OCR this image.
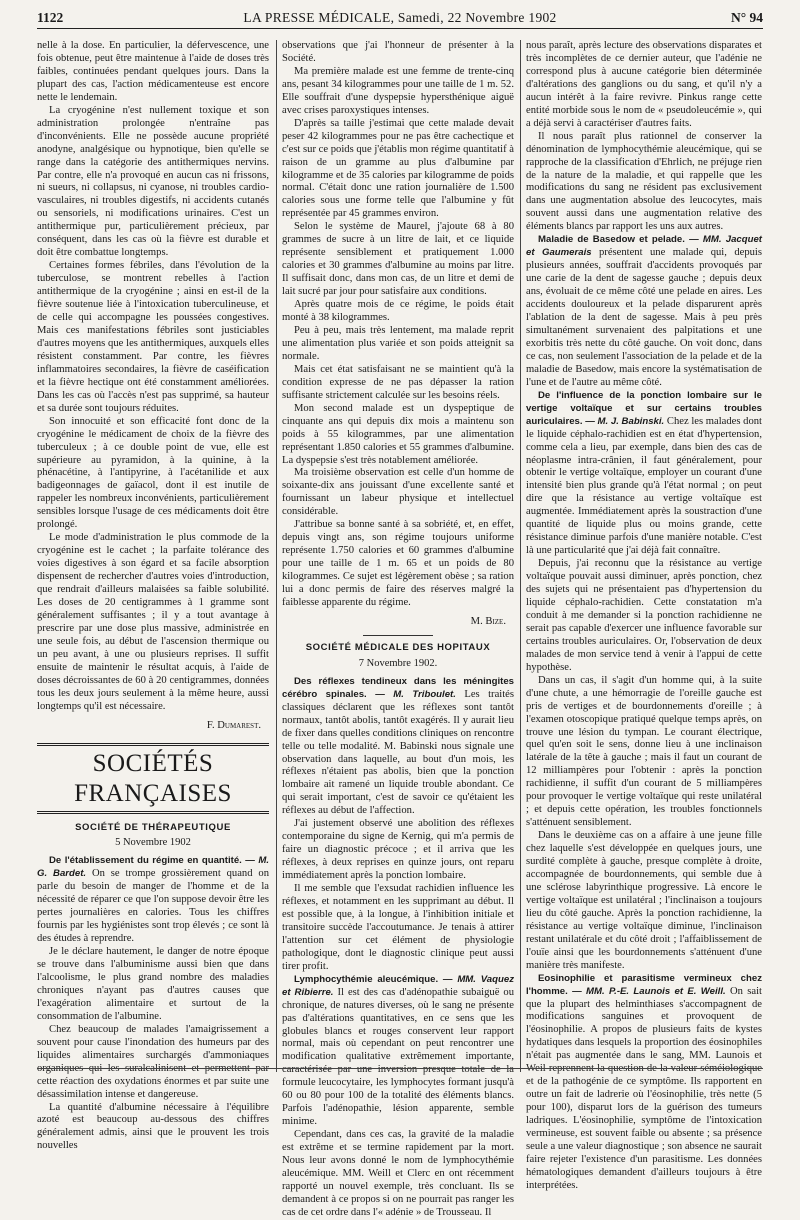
1122	LA PRESSE MÉDICALE, Samedi, 22 Novembre 1902	N° 94

nelle à la dose. En particulier, la défervescence, une fois obtenue, peut être maintenue à l'aide de doses très faibles, continuées pendant quelques jours. Dans la plupart des cas, l'action médicamenteuse est encore nette le lendemain.

La cryogénine n'est nullement toxique et son administration prolongée n'entraîne pas d'inconvénients. Elle ne possède aucune propriété anodyne, analgésique ou hypnotique, bien qu'elle se range dans la catégorie des antithermiques nervins. Par contre, elle n'a provoqué en aucun cas ni frissons, ni sueurs, ni collapsus, ni cyanose, ni troubles cardio-vasculaires, ni troubles digestifs, ni accidents cutanés ou sensoriels, ni modifications urinaires. C'est un antithermique pur, particulièrement précieux, par conséquent, dans les cas où la fièvre est durable et doit être combattue longtemps.

Certaines formes fébriles, dans l'évolution de la tuberculose, se montrent rebelles à l'action antithermique de la cryogénine ; ainsi en est-il de la fièvre soutenue liée à l'intoxication tuberculineuse, et de celle qui accompagne les poussées congestives. Mais ces manifestations fébriles sont justiciables d'autres moyens que les antithermiques, auxquels elles résistent constamment. Par contre, les fièvres inflammatoires secondaires, la fièvre de caséification et la fièvre hectique ont été constamment améliorées. Dans les cas où l'accès n'est pas supprimé, sa hauteur et sa durée sont toujours réduites.

Son innocuité et son efficacité font donc de la cryogénine le médicament de choix de la fièvre des tuberculeux ; à ce double point de vue, elle est supérieure au pyramidon, à la quinine, à la phénacétine, à l'antipyrine, à l'acétanilide et aux badigeonnages de gaïacol, dont il est inutile de rappeler les nombreux inconvénients, particulièrement sensibles lorsque l'usage de ces médicaments doit être prolongé.

Le mode d'administration le plus commode de la cryogénine est le cachet ; la parfaite tolérance des voies digestives à son égard et sa facile absorption dispensent de rechercher d'autres voies d'introduction, que rendrait d'ailleurs malaisées sa faible solubilité. Les doses de 20 centigrammes à 1 gramme sont généralement suffisantes ; il y a tout avantage à prescrire par une dose plus massive, administrée en une seule fois, au début de l'ascension thermique ou un peu avant, à une ou plusieurs reprises. Il suffit ensuite de maintenir le résultat acquis, à l'aide de doses décroissantes de 60 à 20 centigrammes, données tous les deux jours seulement à la même heure, aussi longtemps qu'il est nécessaire.

F. Dumarest.
SOCIÉTÉS FRANÇAISES
SOCIÉTÉ DE THÉRAPEUTIQUE
5 Novembre 1902

De l'établissement du régime en quantité. — M. G. Bardet. On se trompe grossièrement quand on parle du besoin de manger de l'homme et de la nécessité de réparer ce que l'on suppose devoir être les pertes journalières en calories. Tous les chiffres fournis par les hygiénistes sont trop élevés ; ce sont là des études à reprendre.

Je le déclare hautement, le danger de notre époque se trouve dans l'albuminisme aussi bien que dans l'alcoolisme, le plus grand nombre des maladies chroniques n'ayant pas d'autres causes que l'exagération alimentaire et surtout de la consommation de l'albumine.

Chez beaucoup de malades l'amaigrissement a souvent pour cause l'inondation des humeurs par des liquides alimentaires surchargés d'ammoniaques organiques qui les suralcalinisent et permettent par cette réaction des oxydations énormes et par suite une désassimilation intense et dangereuse.

La quantité d'albumine nécessaire à l'équilibre azoté est beaucoup au-dessous des chiffres généralement admis, ainsi que le prouvent les trois nouvelles

observations que j'ai l'honneur de présenter à la Société.

Ma première malade est une femme de trente-cinq ans, pesant 34 kilogrammes pour une taille de 1 m. 52. Elle souffrait d'une dyspepsie hypersthénique aiguë avec crises paroxystiques intenses.

D'après sa taille j'estimai que cette malade devait peser 42 kilogrammes pour ne pas être cachectique et c'est sur ce poids que j'établis mon régime quantitatif à raison de un gramme au plus d'albumine par kilogramme et de 35 calories par kilogramme de poids normal. C'était donc une ration journalière de 1.500 calories sous une forme telle que l'albumine y fût représentée par 45 grammes environ.

Selon le système de Maurel, j'ajoute 68 à 80 grammes de sucre à un litre de lait, et ce liquide représente sensiblement et pratiquement 1.000 calories et 30 grammes d'albumine au moins par litre. Il suffisait donc, dans mon cas, de un litre et demi de lait sucré par jour pour satisfaire aux conditions.

Après quatre mois de ce régime, le poids était monté à 38 kilogrammes.

Peu à peu, mais très lentement, ma malade reprit une alimentation plus variée et son poids atteignit sa normale.

Mais cet état satisfaisant ne se maintient qu'à la condition expresse de ne pas dépasser la ration suffisante strictement calculée sur les besoins réels.

Mon second malade est un dyspeptique de cinquante ans qui depuis dix mois a maintenu son poids à 55 kilogrammes, par une alimentation représentant 1.850 calories et 55 grammes d'albumine. La dyspepsie s'est très notablement améliorée.

Ma troisième observation est celle d'un homme de soixante-dix ans jouissant d'une excellente santé et fournissant un labeur physique et intellectuel considérable.

J'attribue sa bonne santé à sa sobriété, et, en effet, depuis vingt ans, son régime toujours uniforme représente 1.750 calories et 60 grammes d'albumine pour une taille de 1 m. 65 et un poids de 80 kilogrammes. Ce sujet est légèrement obèse ; sa ration lui a donc permis de faire des réserves malgré la faiblesse apparente du régime.

M. Bize.
SOCIÉTÉ MÉDICALE DES HOPITAUX
7 Novembre 1902.

Des réflexes tendineux dans les méningites cérébro spinales. — M. Triboulet. Les traités classiques déclarent que les réflexes sont tantôt normaux, tantôt abolis, tantôt exagérés. Il y aurait lieu de fixer dans quelles conditions cliniques on rencontre telle ou telle modalité. M. Babinski nous signale une observation dans laquelle, au bout d'un mois, les réflexes n'étaient pas abolis, bien que la ponction lombaire ait ramené un liquide trouble abondant. Ce qui serait important, c'est de savoir ce qu'étaient les réflexes au début de l'affection.

J'ai justement observé une abolition des réflexes contemporaine du signe de Kernig, qui m'a permis de faire un diagnostic précoce ; et il arriva que les réflexes, à deux reprises en quinze jours, ont reparu immédiatement après la ponction lombaire.

Il me semble que l'exsudat rachidien influence les réflexes, et notamment en les supprimant au début. Il est possible que, à la longue, à l'inhibition initiale et transitoire succède l'accoutumance. Je tenais à attirer l'attention sur cet élément de physiologie pathologique, dont le diagnostic clinique peut aussi tirer profit.

Lymphocythémie aleucémique. — MM. Vaquez et Ribierre. Il est des cas d'adénopathie subaiguë ou chronique, de natures diverses, où le sang ne présente pas d'altérations quantitatives, en ce sens que les globules blancs et rouges conservent leur rapport normal, mais où cependant on peut rencontrer une modification qualitative extrêmement importante, caractérisée par une inversion presque totale de la formule leucocytaire, les lymphocytes formant jusqu'à 60 ou 80 pour 100 de la totalité des éléments blancs. Parfois l'adénopathie, lésion apparente, semble minime.

Cependant, dans ces cas, la gravité de la maladie est extrême et se termine rapidement par la mort. Nous leur avons donné le nom de lymphocythémie aleucémique. MM. Weill et Clerc en ont récemment rapporté un nouvel exemple, très concluant. Ils se demandent à ce propos si on ne pourrait pas ranger les cas de cet ordre dans l'« adénie » de Trousseau. Il

nous paraît, après lecture des observations disparates et très incomplètes de ce dernier auteur, que l'adénie ne correspond plus à aucune catégorie bien déterminée d'altérations des ganglions ou du sang, et qu'il n'y a aucun intérêt à la faire revivre. Pinkus range cette entité morbide sous le nom de « pseudoleucémie », qui a déjà servi à caractériser d'autres faits.

Il nous paraît plus rationnel de conserver la dénomination de lymphocythémie aleucémique, qui se rapproche de la classification d'Ehrlich, ne préjuge rien de la nature de la maladie, et qui rappelle que les modifications du sang ne résident pas exclusivement dans une augmentation absolue des leucocytes, mais souvent aussi dans une augmentation relative des éléments blancs par rapport les uns aux autres.

Maladie de Basedow et pelade. — MM. Jacquet et Gaumerais présentent une malade qui, depuis plusieurs années, souffrait d'accidents provoqués par une carie de la dent de sagesse gauche ; depuis deux ans, évoluait de ce même côté une pelade en aires. Les accidents douloureux et la pelade disparurent après l'ablation de la dent de sagesse. Mais à peu près simultanément survenaient des palpitations et une exorbitis très nette du côté gauche. On voit donc, dans ce cas, non seulement l'association de la pelade et de la maladie de Basedow, mais encore la systématisation de l'une et de l'autre au même côté.

De l'influence de la ponction lombaire sur le vertige voltaïque et sur certains troubles auriculaires. — M. J. Babinski. Chez les malades dont le liquide céphalo-rachidien est en état d'hypertension, comme cela a lieu, par exemple, dans bien des cas de néoplasme intra-crânien, il faut généralement, pour obtenir le vertige voltaïque, employer un courant d'une intensité bien plus grande qu'à l'état normal ; on peut dire que la résistance au vertige voltaïque est augmentée. Immédiatement après la soustraction d'une quantité de liquide plus ou moins grande, cette résistance diminue parfois d'une manière notable. C'est là une particularité que j'ai déjà fait connaître.

Depuis, j'ai reconnu que la résistance au vertige voltaïque pouvait aussi diminuer, après ponction, chez des sujets qui ne présentaient pas d'hypertension du liquide céphalo-rachidien. Cette constatation m'a conduit à me demander si la ponction rachidienne ne serait pas capable d'exercer une influence favorable sur certains troubles auriculaires. Or, l'observation de deux malades de mon service tend à venir à l'appui de cette hypothèse.

Dans un cas, il s'agit d'un homme qui, à la suite d'une chute, a une hémorragie de l'oreille gauche est pris de vertiges et de bourdonnements d'oreille ; à l'examen otoscopique pratiqué quelque temps après, on trouve une lésion du tympan. Le courant électrique, quel qu'en soit le sens, donne lieu à une inclinaison latérale de la tête à gauche ; mais il faut un courant de 12 milliampères pour l'obtenir : après la ponction rachidienne, il suffit d'un courant de 5 milliampères pour provoquer le vertige voltaïque qui reste unilatéral ; et depuis cette opération, les troubles fonctionnels s'atténuent sensiblement.

Dans le deuxième cas on a affaire à une jeune fille chez laquelle s'est développée en quelques jours, une surdité complète à gauche, presque complète à droite, accompagnée de bourdonnements, qui semble due à une sclérose labyrinthique progressive. Là encore le vertige voltaïque est unilatéral ; l'inclinaison a toujours lieu du côté gauche. Après la ponction rachidienne, la résistance au vertige voltaïque diminue, l'inclinaison restant unilatérale et du côté droit ; l'affaiblissement de l'ouïe ainsi que les bourdonnements s'atténuent d'une manière très manifeste.

Eosinophilie et parasitisme vermineux chez l'homme. — MM. P.-E. Launois et E. Weill. On sait que la plupart des helminthiases s'accompagnent de modifications sanguines et provoquent de l'éosinophilie. A propos de plusieurs faits de kystes hydatiques dans lesquels la proportion des éosinophiles n'était pas augmentée dans le sang, MM. Launois et Weil reprennent la question de la valeur séméiologique et de la pathogénie de ce symptôme. Ils rapportent en outre un fait de ladrerie où l'éosinophilie, très nette (5 pour 100), disparut lors de la guérison des tumeurs ladriques. L'éosinophilie, symptôme de l'intoxication vermineuse, est souvent faible ou absente ; sa présence seule a une valeur diagnostique ; son absence ne saurait faire rejeter l'existence d'un parasitisme. Les données hématologiques demandent d'ailleurs toujours à être interprétées.
